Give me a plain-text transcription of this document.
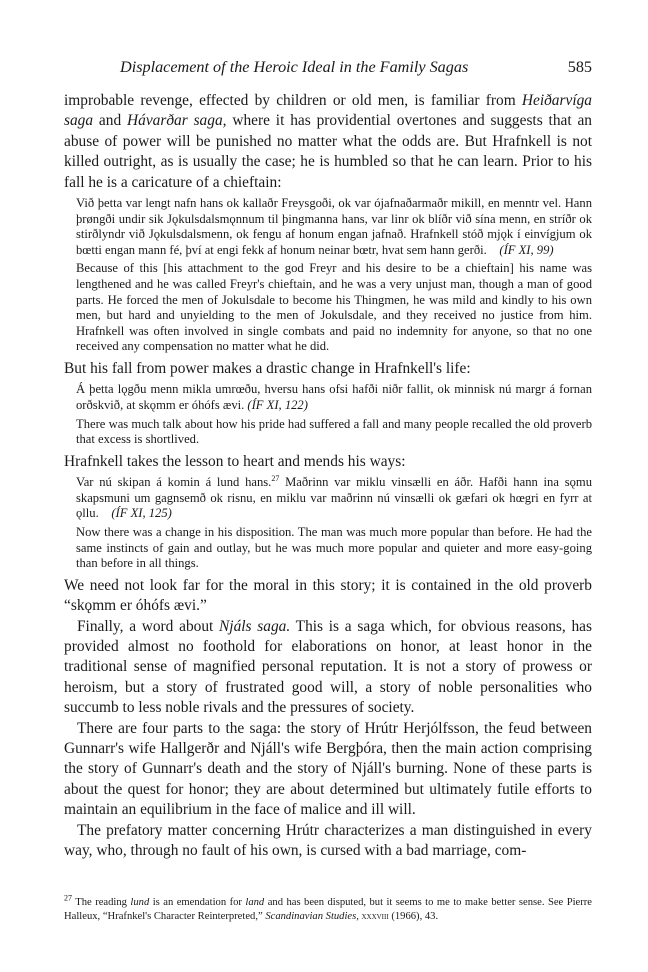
Displacement of the Heroic Ideal in the Family Sagas	585

improbable revenge, effected by children or old men, is familiar from Heiðarvíga saga and Hávarðar saga, where it has providential overtones and suggests that an abuse of power will be punished no matter what the odds are. But Hrafnkell is not killed outright, as is usually the case; he is humbled so that he can learn. Prior to his fall he is a caricature of a chieftain:

Við þetta var lengt nafn hans ok kallaðr Freysgoði, ok var ójafnaðarmaðr mikill, en menntr vel. Hann þrøngði undir sik Jǫkulsdalsmǫnnum til þingmanna hans, var linr ok blíðr við sína menn, en stríðr ok stirðlyndr við Jǫkulsdalsmenn, ok fengu af honum engan jafnað. Hrafnkell stóð mjǫk í einvígjum ok bœtti engan mann fé, því at engi fekk af honum neinar bœtr, hvat sem hann gerði. (ÍF XI, 99)

Because of this [his attachment to the god Freyr and his desire to be a chieftain] his name was lengthened and he was called Freyr's chieftain, and he was a very unjust man, though a man of good parts. He forced the men of Jokulsdale to become his Thingmen, he was mild and kindly to his own men, but hard and unyielding to the men of Jokulsdale, and they received no justice from him. Hrafnkell was often involved in single combats and paid no indemnity for anyone, so that no one received any compensation no matter what he did.

But his fall from power makes a drastic change in Hrafnkell's life:

Á þetta lǫgðu menn mikla umrœðu, hversu hans ofsi hafði niðr fallit, ok minnisk nú margr á fornan orðskvið, at skǫmm er óhófs ævi. (ÍF XI, 122)

There was much talk about how his pride had suffered a fall and many people recalled the old proverb that excess is shortlived.

Hrafnkell takes the lesson to heart and mends his ways:

Var nú skipan á komin á lund hans.$^{27}$ Maðrinn var miklu vinsælli en áðr. Hafði hann ina sǫmu skapsmuni um gagnsemð ok risnu, en miklu var maðrinn nú vinsælli ok gæfari ok hœgri en fyrr at ǫllu. (ÍF XI, 125)

Now there was a change in his disposition. The man was much more popular than before. He had the same instincts of gain and outlay, but he was much more popular and quieter and more easy-going than before in all things.

We need not look far for the moral in this story; it is contained in the old proverb “skǫmm er óhófs ævi.”

Finally, a word about Njáls saga. This is a saga which, for obvious reasons, has provided almost no foothold for elaborations on honor, at least honor in the traditional sense of magnified personal reputation. It is not a story of prowess or heroism, but a story of frustrated good will, a story of noble personalities who succumb to less noble rivals and the pressures of society.

There are four parts to the saga: the story of Hrútr Herjólfsson, the feud between Gunnarr's wife Hallgerðr and Njáll's wife Bergþóra, then the main action comprising the story of Gunnarr's death and the story of Njáll's burning. None of these parts is about the quest for honor; they are about determined but ultimately futile efforts to maintain an equilibrium in the face of malice and ill will.

The prefatory matter concerning Hrútr characterizes a man distinguished in every way, who, through no fault of his own, is cursed with a bad marriage, com-

$^{27}$ The reading lund is an emendation for land and has been disputed, but it seems to me to make better sense. See Pierre Halleux, “Hrafnkel's Character Reinterpreted,” Scandinavian Studies, xxxviii (1966), 43.
